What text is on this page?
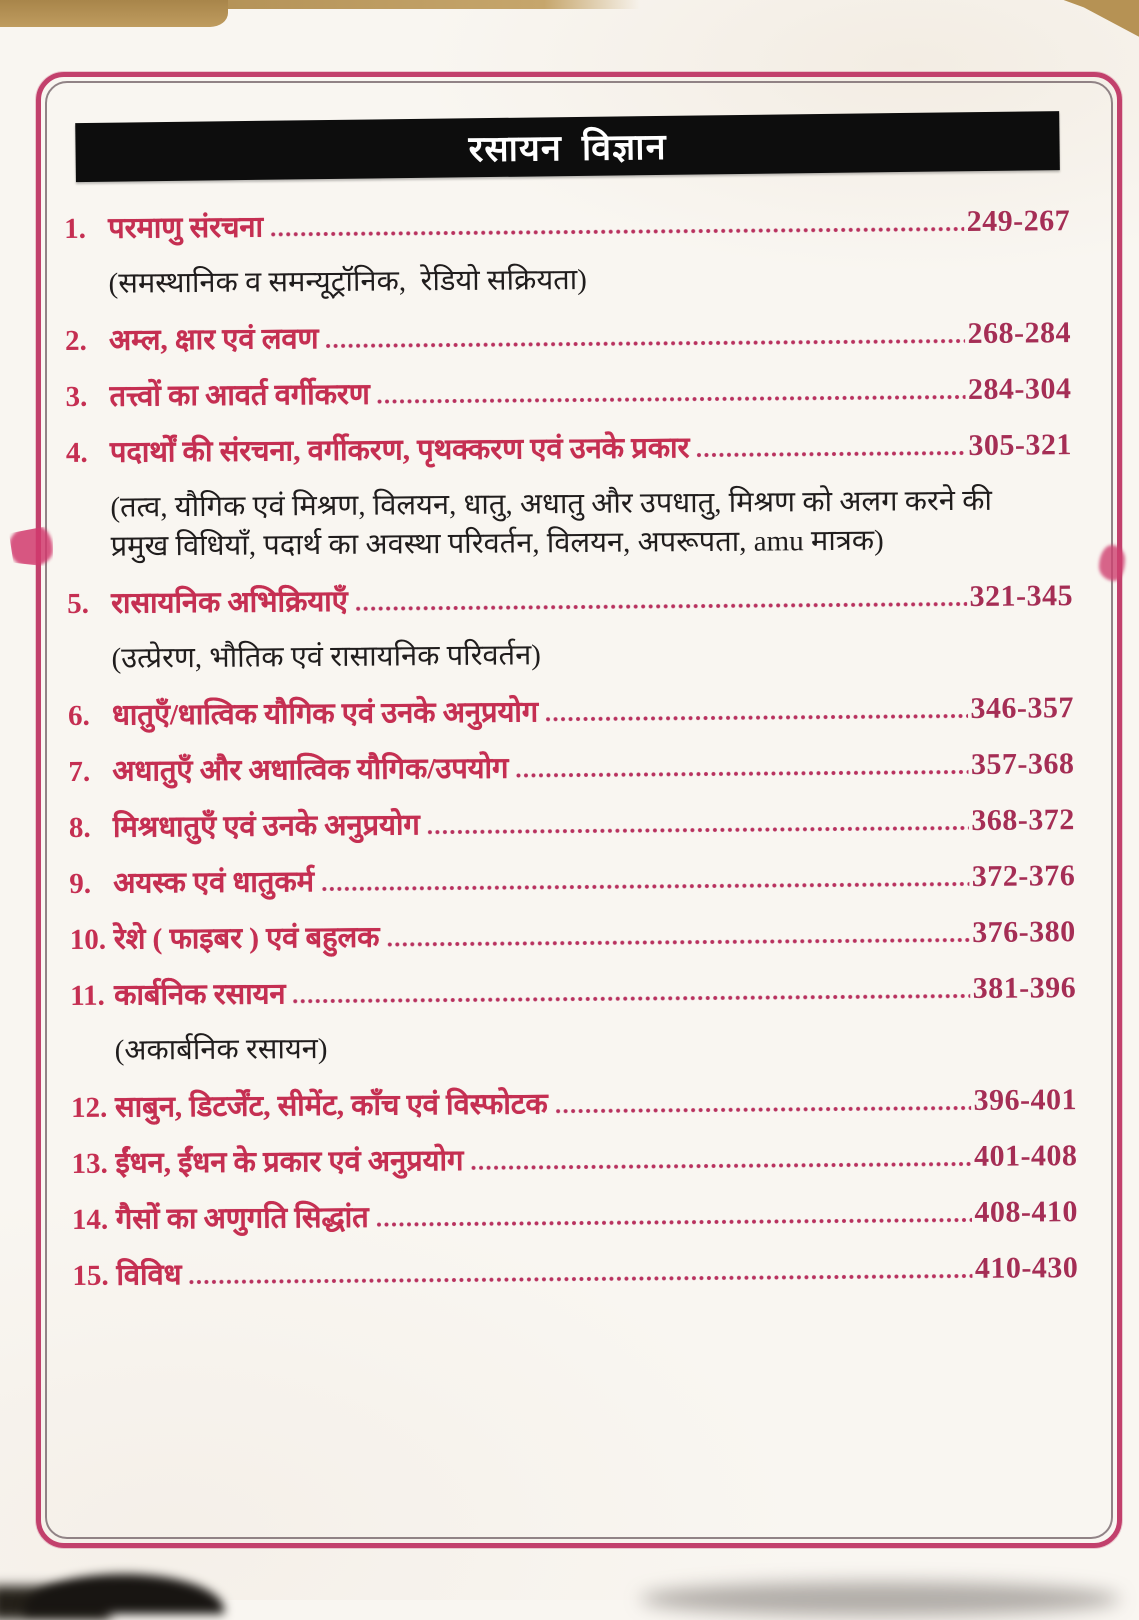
रसायन विज्ञान
1. परमाणु संरचना	249-267
(समस्थानिक व समन्यूट्रॉनिक,  रेडियो सक्रियता)
2. अम्ल, क्षार एवं लवण	268-284
3. तत्त्वों का आवर्त वर्गीकरण	284-304
4. पदार्थों की संरचना, वर्गीकरण, पृथक्करण एवं उनके प्रकार	305-321
(तत्व, यौगिक एवं मिश्रण, विलयन, धातु, अधातु और उपधातु, मिश्रण को अलग करने की प्रमुख विधियाँ, पदार्थ का अवस्था परिवर्तन, विलयन, अपरूपता, amu मात्रक)
5. रासायनिक अभिक्रियाएँ	321-345
(उत्प्रेरण, भौतिक एवं रासायनिक परिवर्तन)
6. धातुएँ/धात्विक यौगिक एवं उनके अनुप्रयोग	346-357
7. अधातुएँ और अधात्विक यौगिक/उपयोग	357-368
8. मिश्रधातुएँ एवं उनके अनुप्रयोग	368-372
9. अयस्क एवं धातुकर्म	372-376
10. रेशे ( फाइबर ) एवं बहुलक	376-380
11. कार्बनिक रसायन	381-396
(अकार्बनिक रसायन)
12. साबुन, डिटर्जेंट, सीमेंट, काँच एवं विस्फोटक	396-401
13. ईंधन, ईंधन के प्रकार एवं अनुप्रयोग	401-408
14. गैसों का अणुगति सिद्धांत	408-410
15. विविध	410-430
